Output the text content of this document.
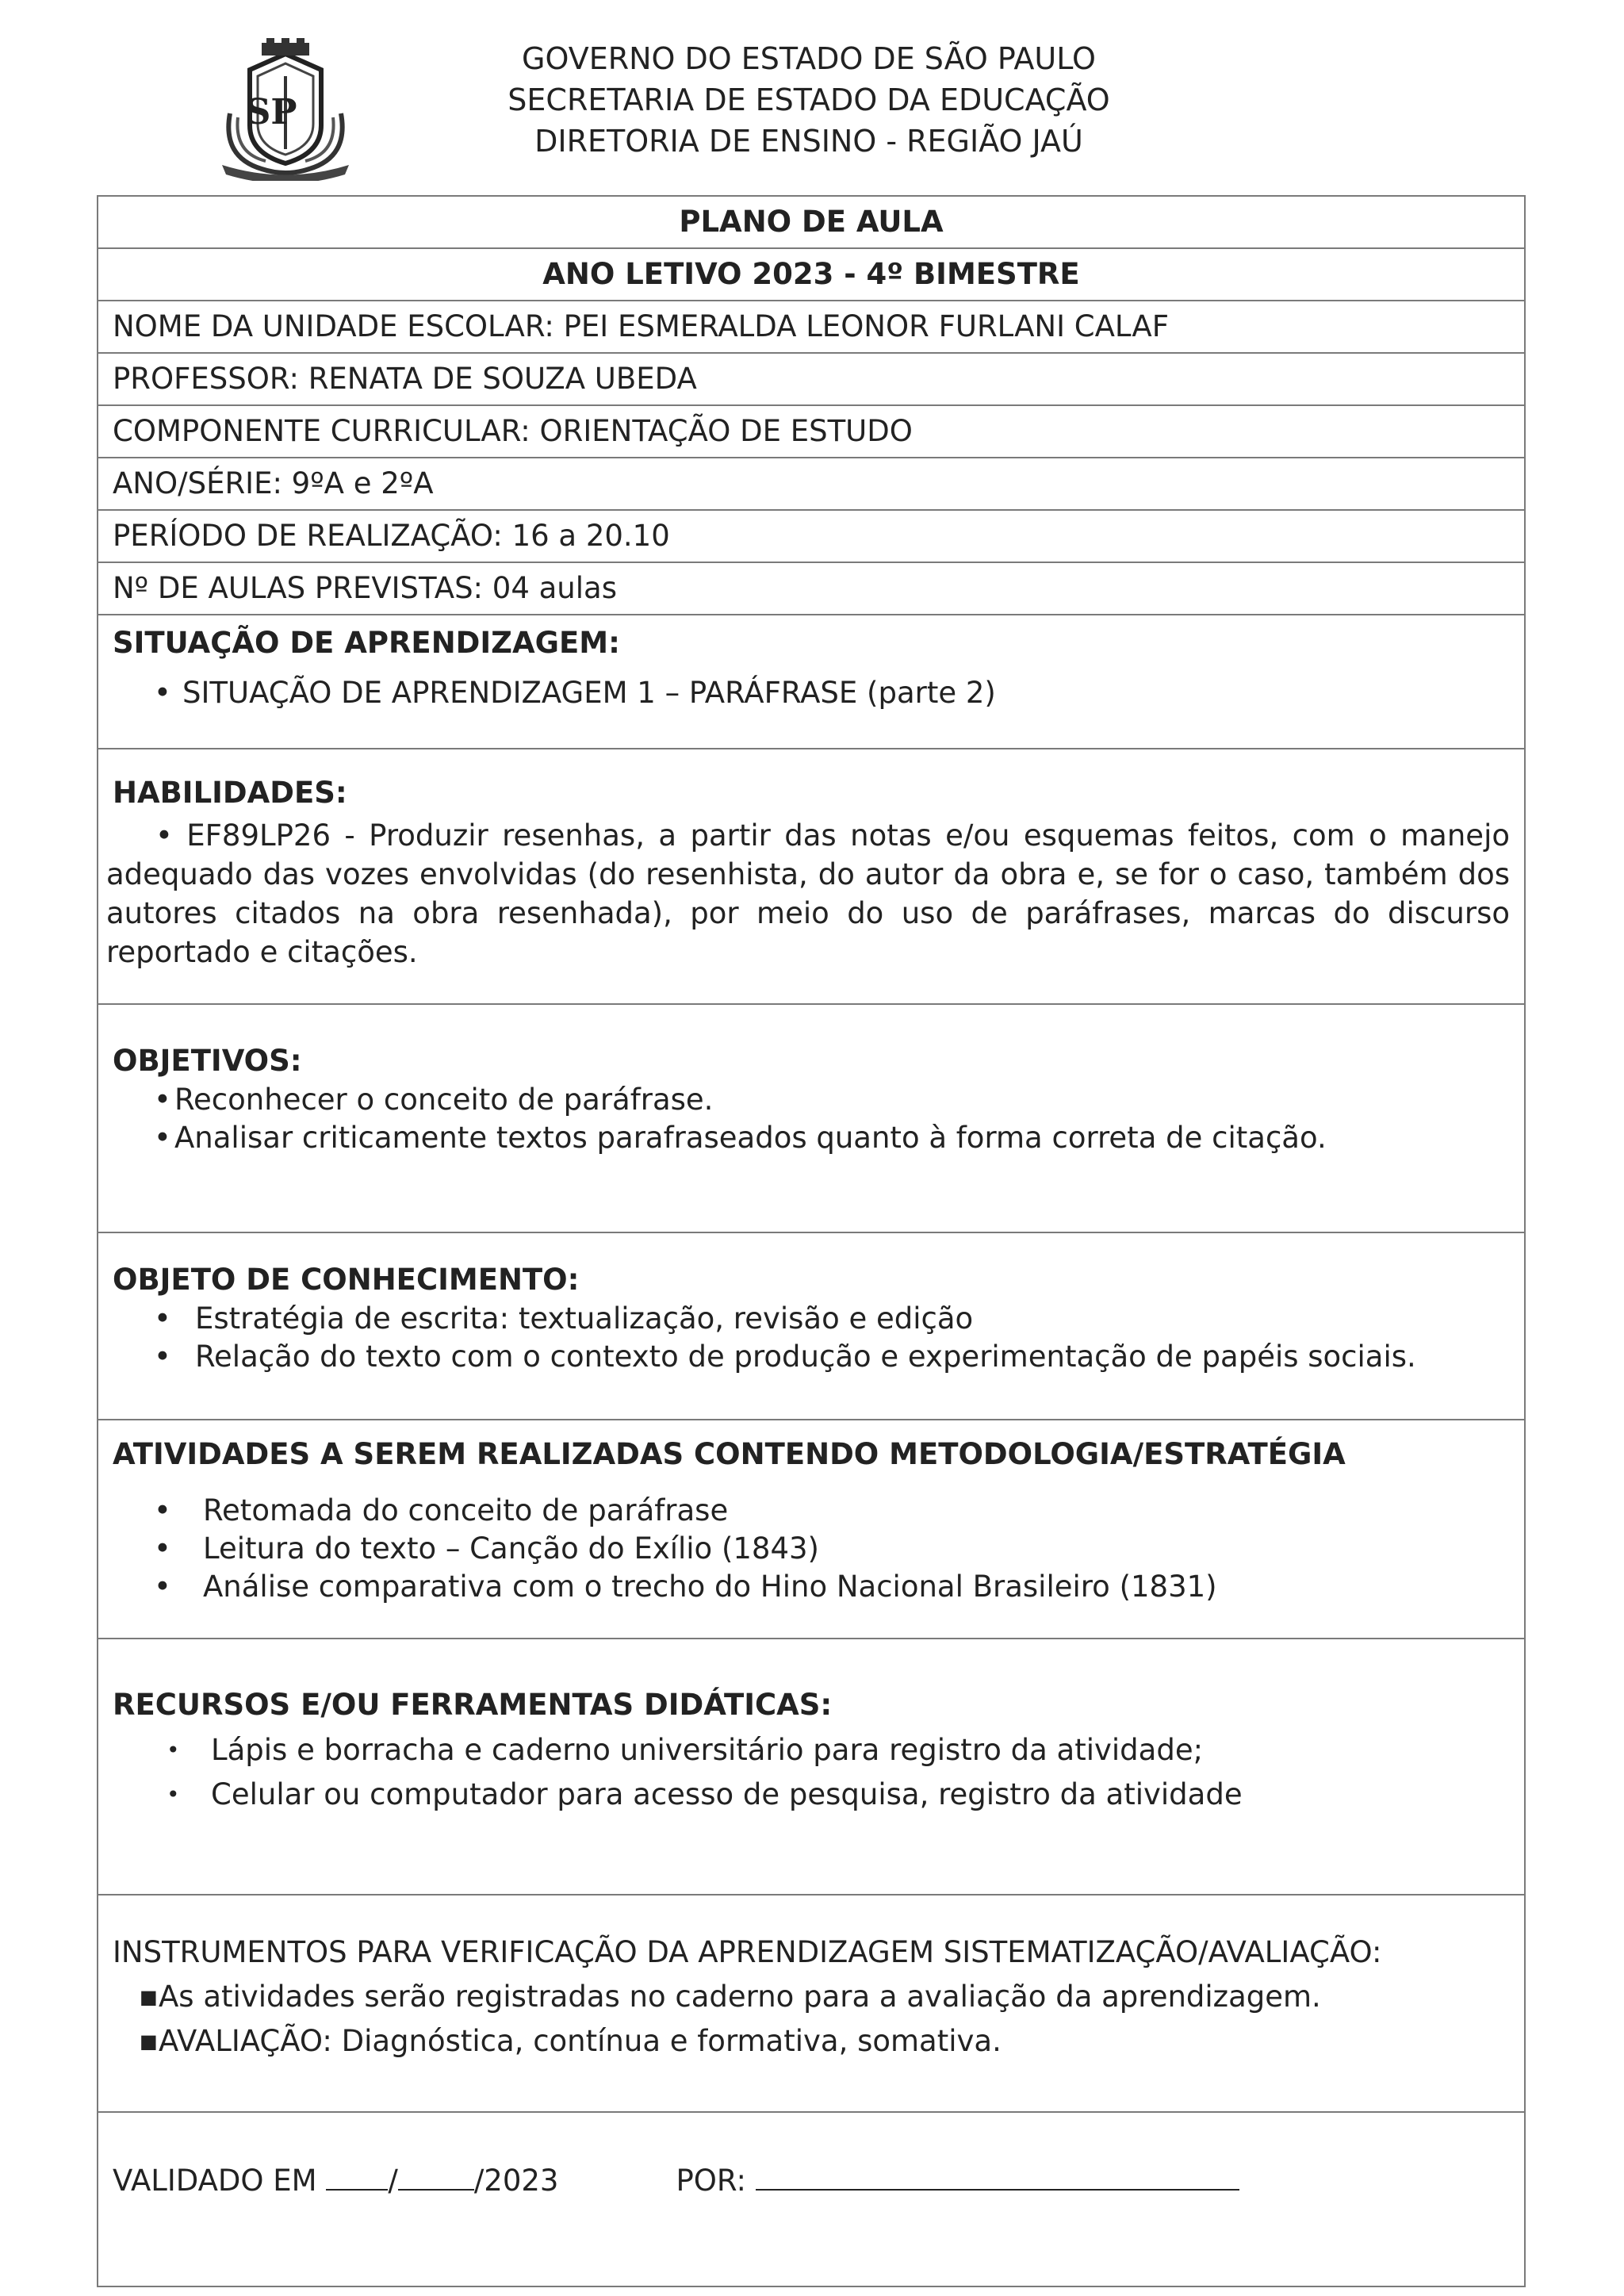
SP
GOVERNO DO ESTADO DE SÃO PAULO
SECRETARIA DE ESTADO DA EDUCAÇÃO
DIRETORIA DE ENSINO - REGIÃO JAÚ
PLANO DE AULA
ANO LETIVO 2023 - 4º BIMESTRE
NOME DA UNIDADE ESCOLAR: PEI ESMERALDA LEONOR FURLANI CALAF
PROFESSOR: RENATA DE SOUZA UBEDA
COMPONENTE CURRICULAR: ORIENTAÇÃO DE ESTUDO
ANO/SÉRIE: 9ºA e 2ºA
PERÍODO DE REALIZAÇÃO: 16 a 20.10
Nº DE AULAS PREVISTAS: 04 aulas

SITUAÇÃO DE APRENDIZAGEM:
• SITUAÇÃO DE APRENDIZAGEM 1 – PARÁFRASE (parte 2)

HABILIDADES:
• EF89LP26 - Produzir resenhas, a partir das notas e/ou esquemas feitos, com o manejo adequado das vozes envolvidas (do resenhista, do autor da obra e, se for o caso, também dos autores citados na obra resenhada), por meio do uso de paráfrases, marcas do discurso reportado e citações.

OBJETIVOS:
• Reconhecer o conceito de paráfrase.
• Analisar criticamente textos parafraseados quanto à forma correta de citação.

OBJETO DE CONHECIMENTO:
• Estratégia de escrita: textualização, revisão e edição
• Relação do texto com o contexto de produção e experimentação de papéis sociais.

ATIVIDADES A SEREM REALIZADAS CONTENDO METODOLOGIA/ESTRATÉGIA
• Retomada do conceito de paráfrase
• Leitura do texto – Canção do Exílio (1843)
• Análise comparativa com o trecho do Hino Nacional Brasileiro (1831)

RECURSOS E/OU FERRAMENTAS DIDÁTICAS:
• Lápis e borracha e caderno universitário para registro da atividade;
• Celular ou computador para acesso de pesquisa, registro da atividade

INSTRUMENTOS PARA VERIFICAÇÃO DA APRENDIZAGEM SISTEMATIZAÇÃO/AVALIAÇÃO:
■ As atividades serão registradas no caderno para a avaliação da aprendizagem.
■ AVALIAÇÃO: Diagnóstica, contínua e formativa, somativa.

VALIDADO EM /	/2023	POR:
